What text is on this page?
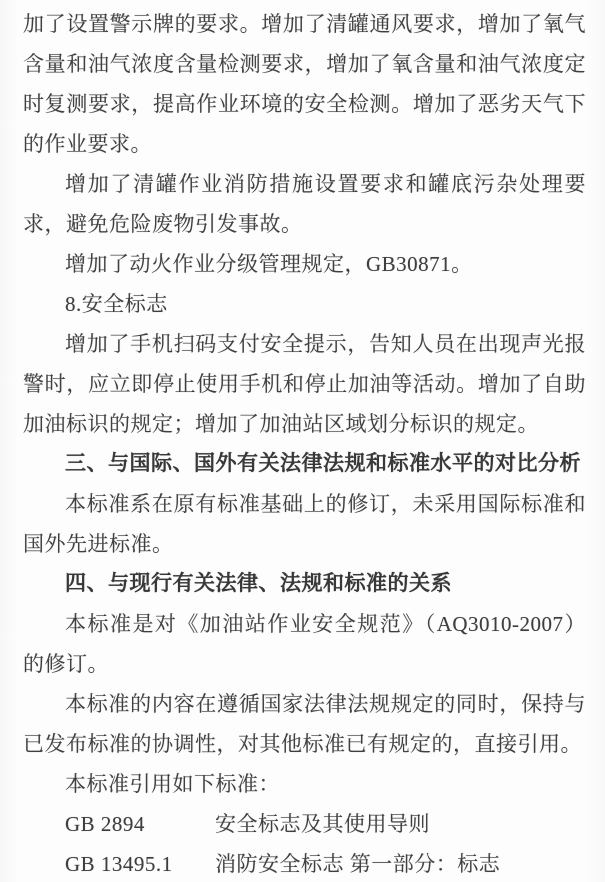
加了设置警示牌的要求。增加了清罐通风要求，增加了氧气含量和油气浓度含量检测要求，增加了氧含量和油气浓度定时复测要求，提高作业环境的安全检测。增加了恶劣天气下的作业要求。

增加了清罐作业消防措施设置要求和罐底污杂处理要求，避免危险废物引发事故。

增加了动火作业分级管理规定，GB30871。

8.安全标志

增加了手机扫码支付安全提示，告知人员在出现声光报警时，应立即停止使用手机和停止加油等活动。增加了自助加油标识的规定；增加了加油站区域划分标识的规定。

三、与国际、国外有关法律法规和标准水平的对比分析

本标准系在原有标准基础上的修订，未采用国际标准和国外先进标准。

四、与现行有关法律、法规和标准的关系

本标准是对《加油站作业安全规范》（AQ3010-2007）的修订。

本标准的内容在遵循国家法律法规规定的同时，保持与已发布标准的协调性，对其他标准已有规定的，直接引用。

本标准引用如下标准：

GB 2894	安全标志及其使用导则
GB 13495.1 消防安全标志 第一部分：标志
